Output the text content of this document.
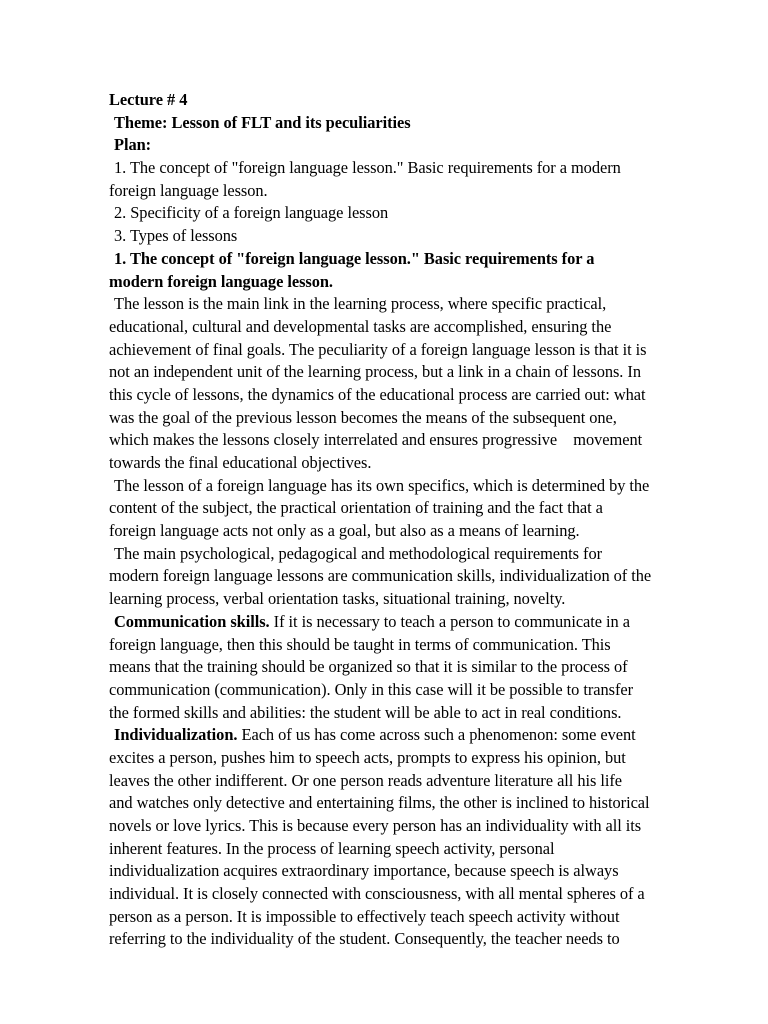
Lecture # 4
Theme: Lesson of FLT and its peculiarities
Plan:
1. The concept of "foreign language lesson." Basic requirements for a modern
foreign language lesson.
2. Specificity of a foreign language lesson
3. Types of lessons
1. The concept of "foreign language lesson." Basic requirements for a
modern foreign language lesson.
The lesson is the main link in the learning process, where specific practical,
educational, cultural and developmental tasks are accomplished, ensuring the
achievement of final goals. The peculiarity of a foreign language lesson is that it is
not an independent unit of the learning process, but a link in a chain of lessons. In
this cycle of lessons, the dynamics of the educational process are carried out: what
was the goal of the previous lesson becomes the means of the subsequent one,
which makes the lessons closely interrelated and ensures progressive    movement
towards the final educational objectives.
The lesson of a foreign language has its own specifics, which is determined by the
content of the subject, the practical orientation of training and the fact that a
foreign language acts not only as a goal, but also as a means of learning.
The main psychological, pedagogical and methodological requirements for
modern foreign language lessons are communication skills, individualization of the
learning process, verbal orientation tasks, situational training, novelty.
Communication skills. If it is necessary to teach a person to communicate in a
foreign language, then this should be taught in terms of communication. This
means that the training should be organized so that it is similar to the process of
communication (communication). Only in this case will it be possible to transfer
the formed skills and abilities: the student will be able to act in real conditions.
Individualization. Each of us has come across such a phenomenon: some event
excites a person, pushes him to speech acts, prompts to express his opinion, but
leaves the other indifferent. Or one person reads adventure literature all his life
and watches only detective and entertaining films, the other is inclined to historical
novels or love lyrics. This is because every person has an individuality with all its
inherent features. In the process of learning speech activity, personal
individualization acquires extraordinary importance, because speech is always
individual. It is closely connected with consciousness, with all mental spheres of a
person as a person. It is impossible to effectively teach speech activity without
referring to the individuality of the student. Consequently, the teacher needs to
